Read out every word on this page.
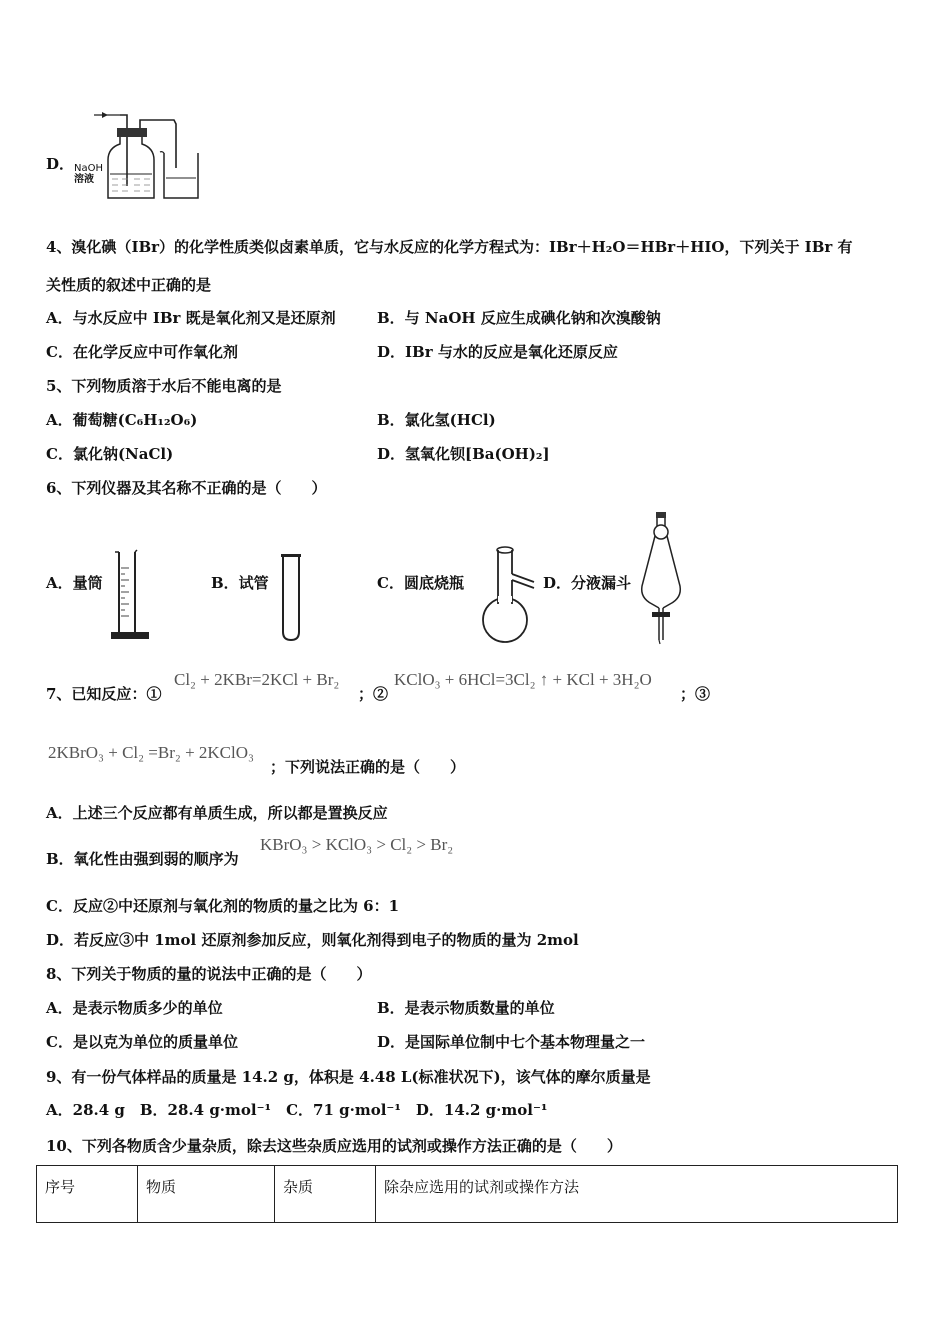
D． NaOH
溶液
4、溴化碘（IBr）的化学性质类似卤素单质，它与水反应的化学方程式为：IBr＋H₂O＝HBr＋HIO，下列关于 IBr 有
关性质的叙述中正确的是
A．与水反应中 IBr 既是氧化剂又是还原剂	B．与 NaOH 反应生成碘化钠和次溴酸钠
C．在化学反应中可作氧化剂	D．IBr 与水的反应是氧化还原反应
5、下列物质溶于水后不能电离的是
A．葡萄糖(C₆H₁₂O₆)	B．氯化氢(HCl)
C．氯化钠(NaCl)	D．氢氧化钡[Ba(OH)₂]
6、下列仪器及其名称不正确的是（　　）
A．量筒	B．试管	C．圆底烧瓶	D．分液漏斗
7、已知反应：①
Cl₂ + 2KBr=2KCl + Br₂
；②
KClO₃ + 6HCl=3Cl₂ ↑ + KCl + 3H₂O
；③
2KBrO₃ + Cl₂ =Br₂ + 2KClO₃
；下列说法正确的是（　　）
A．上述三个反应都有单质生成，所以都是置换反应
B．氧化性由强到弱的顺序为
KBrO₃ > KClO₃ > Cl₂ > Br₂
C．反应②中还原剂与氧化剂的物质的量之比为 6：1
D．若反应③中 1mol 还原剂参加反应，则氧化剂得到电子的物质的量为 2mol
8、下列关于物质的量的说法中正确的是（　　）
A．是表示物质多少的单位	B．是表示物质数量的单位
C．是以克为单位的质量单位	D．是国际单位制中七个基本物理量之一
9、有一份气体样品的质量是 14.2 g，体积是 4.48 L(标准状况下)，该气体的摩尔质量是
A．28.4 g　B．28.4 g·mol⁻¹　C．71 g·mol⁻¹　D．14.2 g·mol⁻¹
10、下列各物质含少量杂质，除去这些杂质应选用的试剂或操作方法正确的是（　　）
序号	物质	杂质	除杂应选用的试剂或操作方法
